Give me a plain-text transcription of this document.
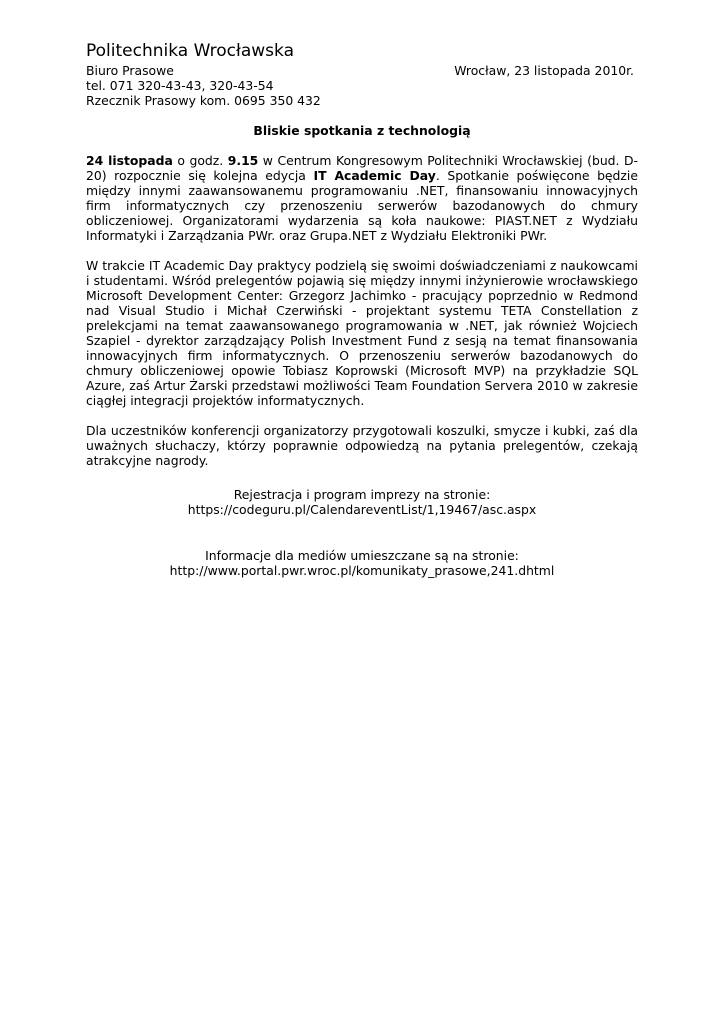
Politechnika Wrocławska
Biuro Prasowe	Wrocław, 23 listopada 2010r.
tel. 071 320-43-43, 320-43-54
Rzecznik Prasowy kom. 0695 350 432
Bliskie spotkania z technologią
24 listopada o godz. 9.15 w Centrum Kongresowym Politechniki Wrocławskiej (bud. D-20) rozpocznie się kolejna edycja IT Academic Day. Spotkanie poświęcone będzie między innymi zaawansowanemu programowaniu .NET, finansowaniu innowacyjnych firm informatycznych czy przenoszeniu serwerów bazodanowych do chmury obliczeniowej. Organizatorami wydarzenia są koła naukowe: PIAST.NET z Wydziału Informatyki i Zarządzania PWr. oraz Grupa.NET z Wydziału Elektroniki PWr.
W trakcie IT Academic Day praktycy podzielą się swoimi doświadczeniami z naukowcami i studentami. Wśród prelegentów pojawią się między innymi inżynierowie wrocławskiego Microsoft Development Center: Grzegorz Jachimko - pracujący poprzednio w Redmond nad Visual Studio i Michał Czerwiński - projektant systemu TETA Constellation z prelekcjami na temat zaawansowanego programowania w .NET, jak również Wojciech Szapiel - dyrektor zarządzający Polish Investment Fund z sesją na temat finansowania innowacyjnych firm informatycznych. O przenoszeniu serwerów bazodanowych do chmury obliczeniowej opowie Tobiasz Koprowski (Microsoft MVP) na przykładzie SQL Azure, zaś Artur Żarski przedstawi możliwości Team Foundation Servera 2010 w zakresie ciągłej integracji projektów informatycznych.
Dla uczestników konferencji organizatorzy przygotowali koszulki, smycze i kubki, zaś dla uważnych słuchaczy, którzy poprawnie odpowiedzą na pytania prelegentów, czekają atrakcyjne nagrody.
Rejestracja i program imprezy na stronie:
https://codeguru.pl/CalendareventList/1,19467/asc.aspx
Informacje dla mediów umieszczane są na stronie:
http://www.portal.pwr.wroc.pl/komunikaty_prasowe,241.dhtml
